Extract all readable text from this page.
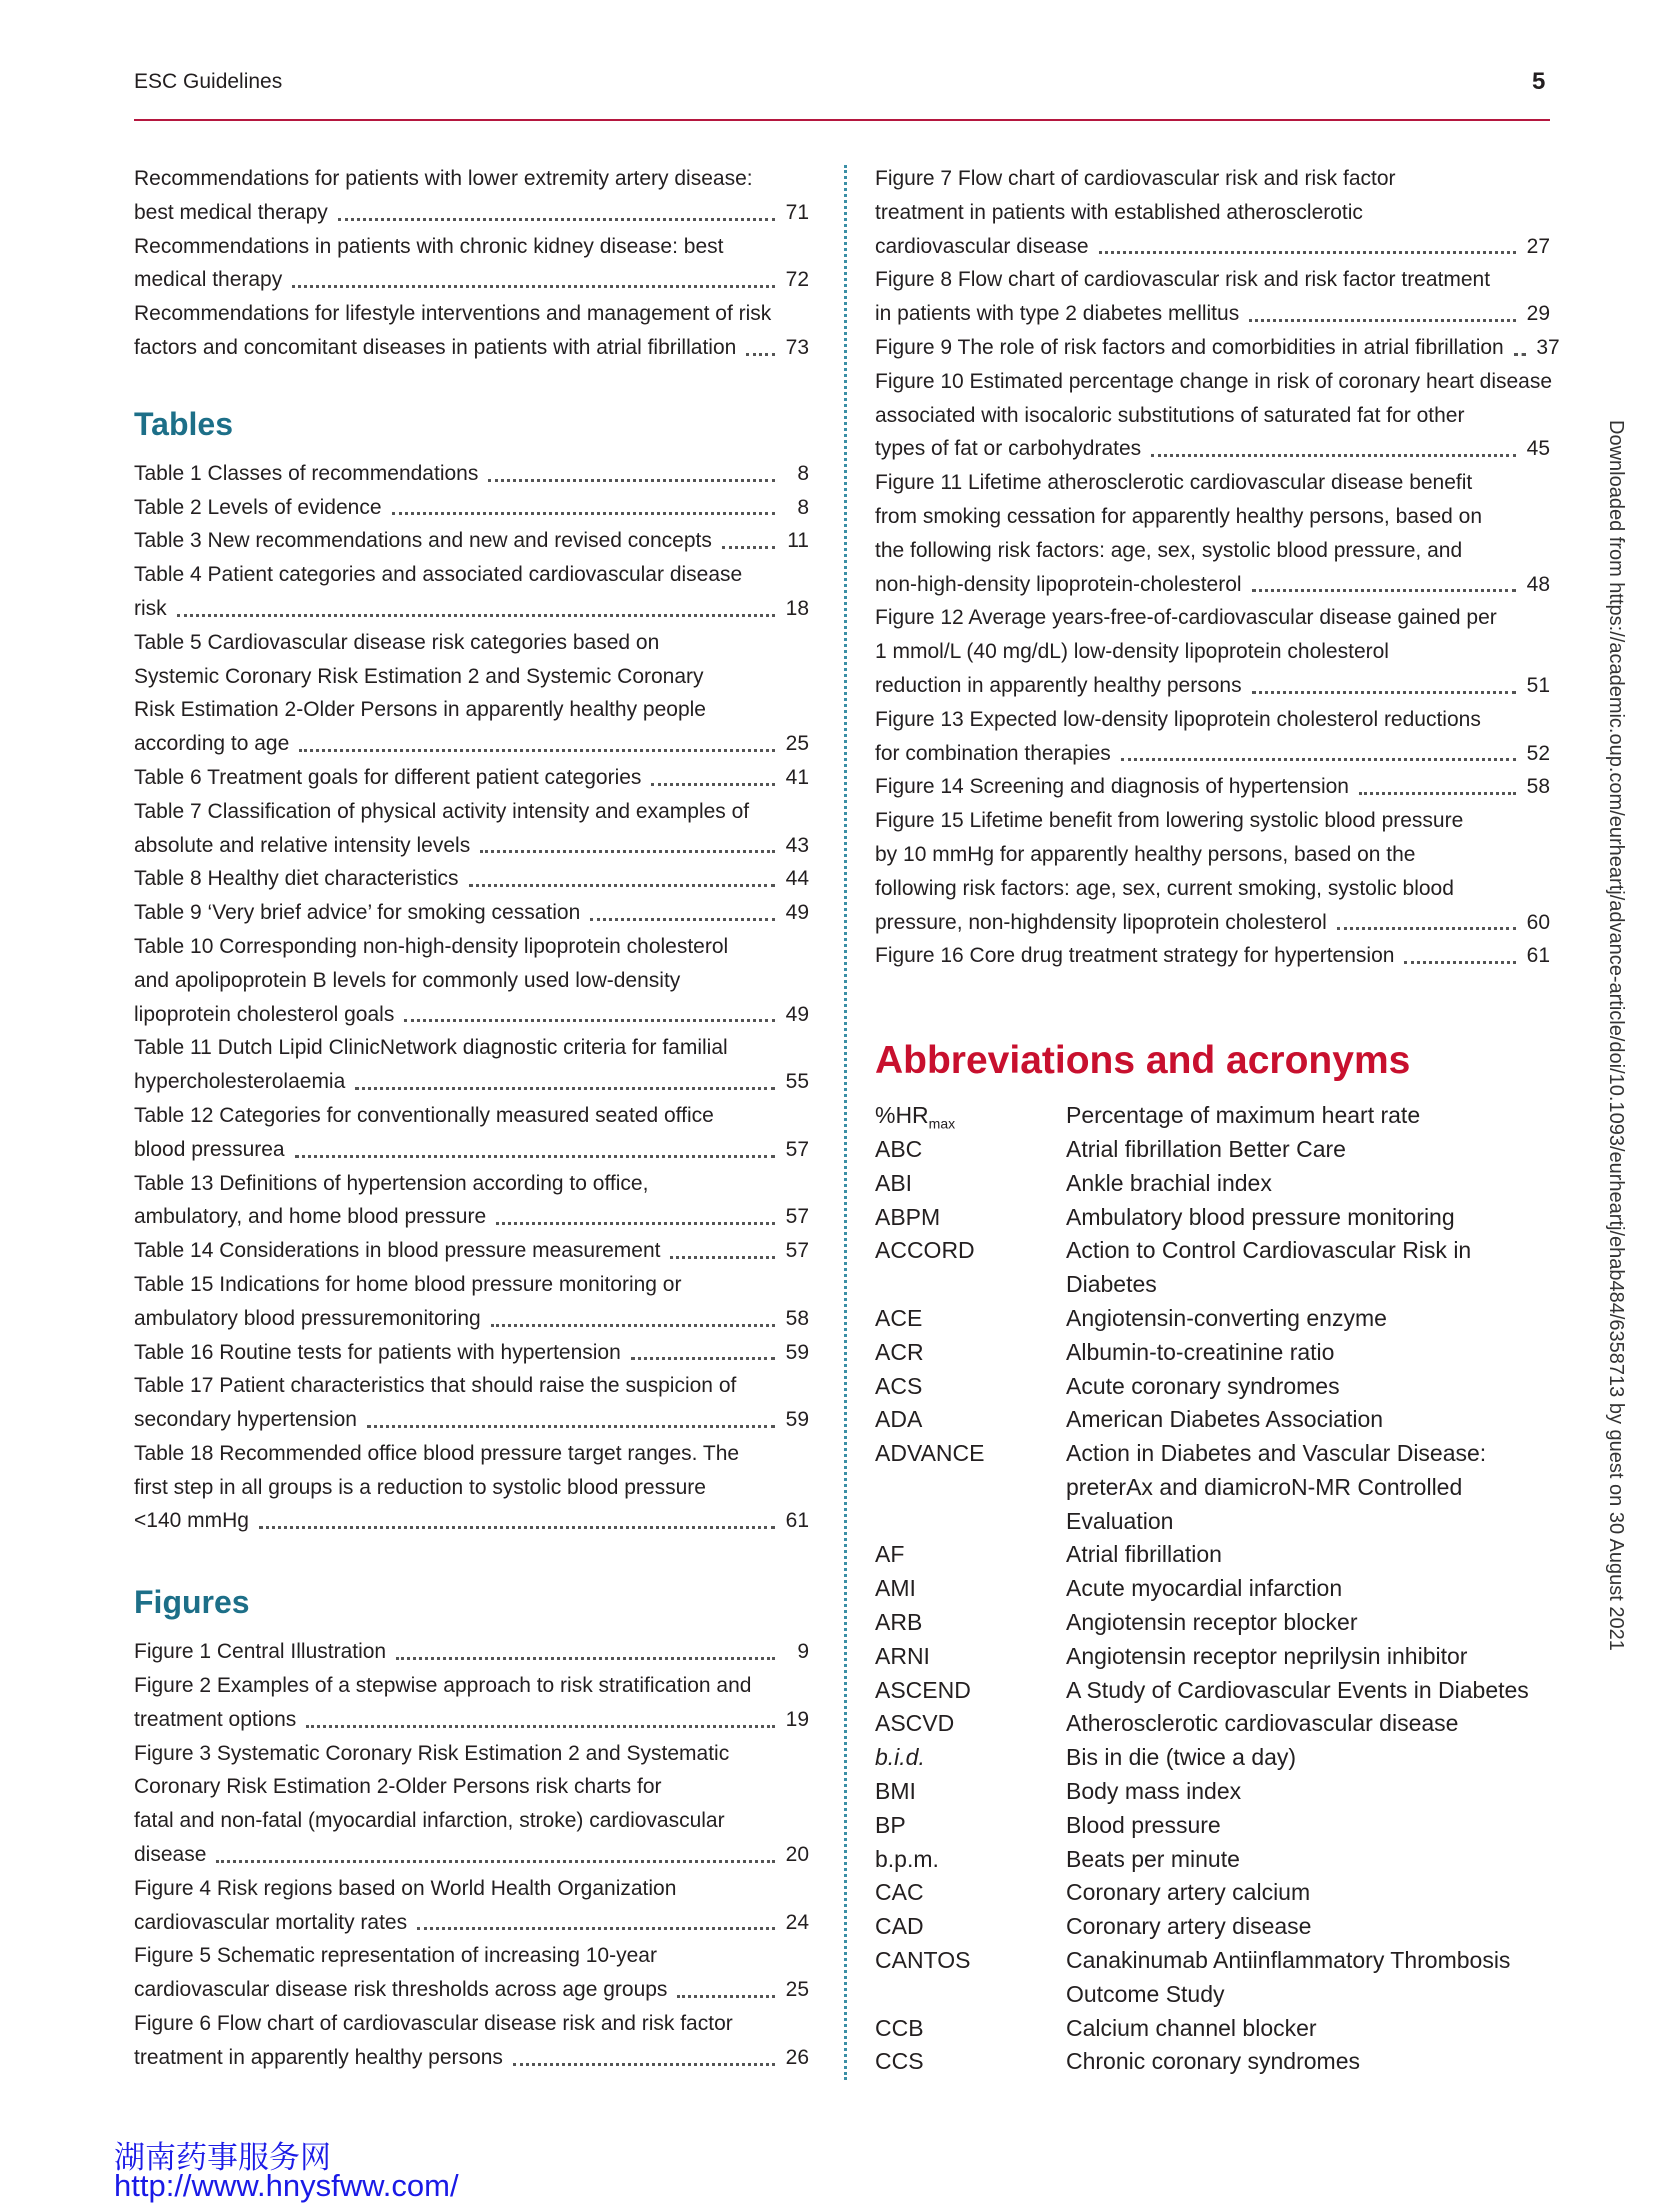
ESC Guidelines	5
Recommendations for patients with lower extremity artery disease:
best medical therapy	71
Recommendations in patients with chronic kidney disease: best
medical therapy	72
Recommendations for lifestyle interventions and management of risk
factors and concomitant diseases in patients with atrial fibrillation 73
Tables
Table 1 Classes of recommendations	8
Table 2 Levels of evidence	8
Table 3 New recommendations and new and revised concepts	11
Table 4 Patient categories and associated cardiovascular disease
risk	18
Table 5 Cardiovascular disease risk categories based on
Systemic Coronary Risk Estimation 2 and Systemic Coronary
Risk Estimation 2-Older Persons in apparently healthy people
according to age	25
Table 6 Treatment goals for different patient categories	41
Table 7 Classification of physical activity intensity and examples of
absolute and relative intensity levels	43
Table 8 Healthy diet characteristics	44
Table 9 ‘Very brief advice’ for smoking cessation	49
Table 10 Corresponding non-high-density lipoprotein cholesterol
and apolipoprotein B levels for commonly used low-density
lipoprotein cholesterol goals	49
Table 11 Dutch Lipid ClinicNetwork diagnostic criteria for familial
hypercholesterolaemia	55
Table 12 Categories for conventionally measured seated office
blood pressurea	57
Table 13 Definitions of hypertension according to office,
ambulatory, and home blood pressure	57
Table 14 Considerations in blood pressure measurement	57
Table 15 Indications for home blood pressure monitoring or
ambulatory blood pressuremonitoring	58
Table 16 Routine tests for patients with hypertension	59
Table 17 Patient characteristics that should raise the suspicion of
secondary hypertension	59
Table 18 Recommended office blood pressure target ranges. The
first step in all groups is a reduction to systolic blood pressure
<140 mmHg	61
Figures
Figure 1 Central Illustration	9
Figure 2 Examples of a stepwise approach to risk stratification and
treatment options	19
Figure 3 Systematic Coronary Risk Estimation 2 and Systematic
Coronary Risk Estimation 2-Older Persons risk charts for
fatal and non-fatal (myocardial infarction, stroke) cardiovascular
disease	20
Figure 4 Risk regions based on World Health Organization
cardiovascular mortality rates	24
Figure 5 Schematic representation of increasing 10-year
cardiovascular disease risk thresholds across age groups	25
Figure 6 Flow chart of cardiovascular disease risk and risk factor
treatment in apparently healthy persons	26
Figure 7 Flow chart of cardiovascular risk and risk factor
treatment in patients with established atherosclerotic
cardiovascular disease	27
Figure 8 Flow chart of cardiovascular risk and risk factor treatment
in patients with type 2 diabetes mellitus	29
Figure 9 The role of risk factors and comorbidities in atrial fibrillation 37
Figure 10 Estimated percentage change in risk of coronary heart disease
associated with isocaloric substitutions of saturated fat for other
types of fat or carbohydrates	45
Figure 11 Lifetime atherosclerotic cardiovascular disease benefit
from smoking cessation for apparently healthy persons, based on
the following risk factors: age, sex, systolic blood pressure, and
non-high-density lipoprotein-cholesterol	48
Figure 12 Average years-free-of-cardiovascular disease gained per
1 mmol/L (40 mg/dL) low-density lipoprotein cholesterol
reduction in apparently healthy persons	51
Figure 13 Expected low-density lipoprotein cholesterol reductions
for combination therapies	52
Figure 14 Screening and diagnosis of hypertension	58
Figure 15 Lifetime benefit from lowering systolic blood pressure
by 10 mmHg for apparently healthy persons, based on the
following risk factors: age, sex, current smoking, systolic blood
pressure, non-highdensity lipoprotein cholesterol	60
Figure 16 Core drug treatment strategy for hypertension	61
Abbreviations and acronyms
$\%HR_{max}$	Percentage of maximum heart rate
ABC	Atrial fibrillation Better Care
ABI	Ankle brachial index
ABPM	Ambulatory blood pressure monitoring
ACCORD	Action to Control Cardiovascular Risk in Diabetes
ACE	Angiotensin-converting enzyme
ACR	Albumin-to-creatinine ratio
ACS	Acute coronary syndromes
ADA	American Diabetes Association
ADVANCE	Action in Diabetes and Vascular Disease: preterAx and diamicroN-MR Controlled Evaluation
AF	Atrial fibrillation
AMI	Acute myocardial infarction
ARB	Angiotensin receptor blocker
ARNI	Angiotensin receptor neprilysin inhibitor
ASCEND	A Study of Cardiovascular Events in Diabetes
ASCVD	Atherosclerotic cardiovascular disease
b.i.d.	Bis in die (twice a day)
BMI	Body mass index
BP	Blood pressure
b.p.m.	Beats per minute
CAC	Coronary artery calcium
CAD	Coronary artery disease
CANTOS	Canakinumab Antiinflammatory Thrombosis Outcome Study
CCB	Calcium channel blocker
CCS	Chronic coronary syndromes
Downloaded from https://academic.oup.com/eurheartj/advance-article/doi/10.1093/eurheartj/ehab484/6358713 by guest on 30 August 2021
湖南药事服务网
http://www.hnysfww.com/
